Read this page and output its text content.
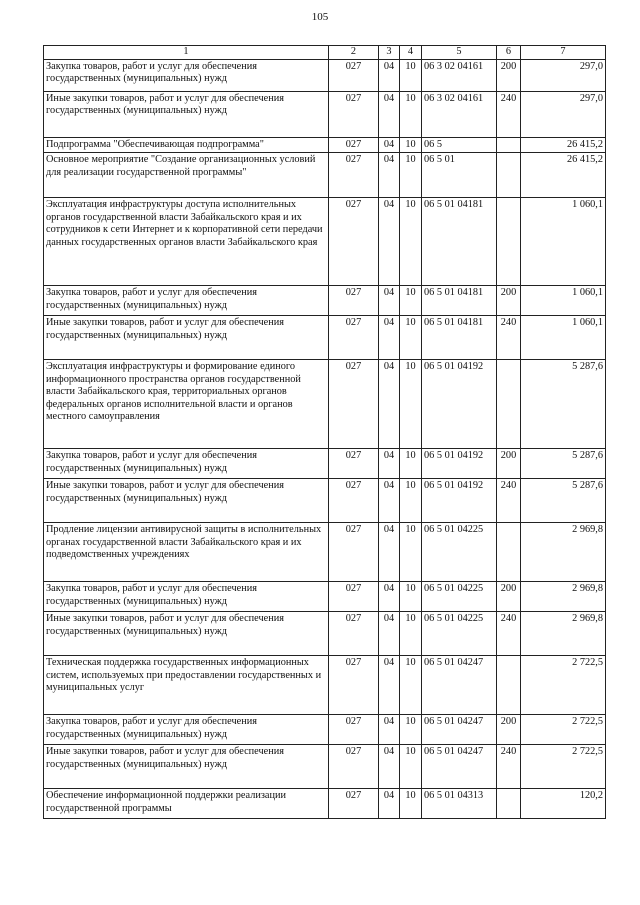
105
1	2	3	4	5	6	7
Закупка товаров, работ и услуг для обеспечения государственных (муниципальных) нужд	027	04	10	06 3 02 04161	200	297,0
Иные закупки товаров, работ и услуг для обеспечения государственных (муниципальных) нужд	027	04	10	06 3 02 04161	240	297,0
Подпрограмма "Обеспечивающая подпрограмма"	027	04	10	06 5		26 415,2
Основное мероприятие "Создание организационных условий для реализации государственной программы"	027	04	10	06 5 01		26 415,2
Эксплуатация инфраструктуры доступа исполнительных органов государственной власти Забайкальского края и их сотрудников к сети Интернет и к корпоративной сети передачи данных государственных органов власти Забайкальского края	027	04	10	06 5 01 04181		1 060,1
Закупка товаров, работ и услуг для обеспечения государственных (муниципальных) нужд	027	04	10	06 5 01 04181	200	1 060,1
Иные закупки товаров, работ и услуг для обеспечения государственных (муниципальных) нужд	027	04	10	06 5 01 04181	240	1 060,1
Эксплуатация инфраструктуры и формирование единого информационного пространства органов государственной власти Забайкальского края, территориальных органов федеральных органов исполнительной власти и органов местного самоуправления	027	04	10	06 5 01 04192		5 287,6
Закупка товаров, работ и услуг для обеспечения государственных (муниципальных) нужд	027	04	10	06 5 01 04192	200	5 287,6
Иные закупки товаров, работ и услуг для обеспечения государственных (муниципальных) нужд	027	04	10	06 5 01 04192	240	5 287,6
Продление лицензии антивирусной защиты в исполнительных органах государственной власти Забайкальского края и их подведомственных учреждениях	027	04	10	06 5 01 04225		2 969,8
Закупка товаров, работ и услуг для обеспечения государственных (муниципальных) нужд	027	04	10	06 5 01 04225	200	2 969,8
Иные закупки товаров, работ и услуг для обеспечения государственных (муниципальных) нужд	027	04	10	06 5 01 04225	240	2 969,8
Техническая поддержка государственных информационных систем, используемых при предоставлении государственных и муниципальных услуг	027	04	10	06 5 01 04247		2 722,5
Закупка товаров, работ и услуг для обеспечения государственных (муниципальных) нужд	027	04	10	06 5 01 04247	200	2 722,5
Иные закупки товаров, работ и услуг для обеспечения государственных (муниципальных) нужд	027	04	10	06 5 01 04247	240	2 722,5
Обеспечение информационной поддержки реализации государственной программы	027	04	10	06 5 01 04313		120,2
